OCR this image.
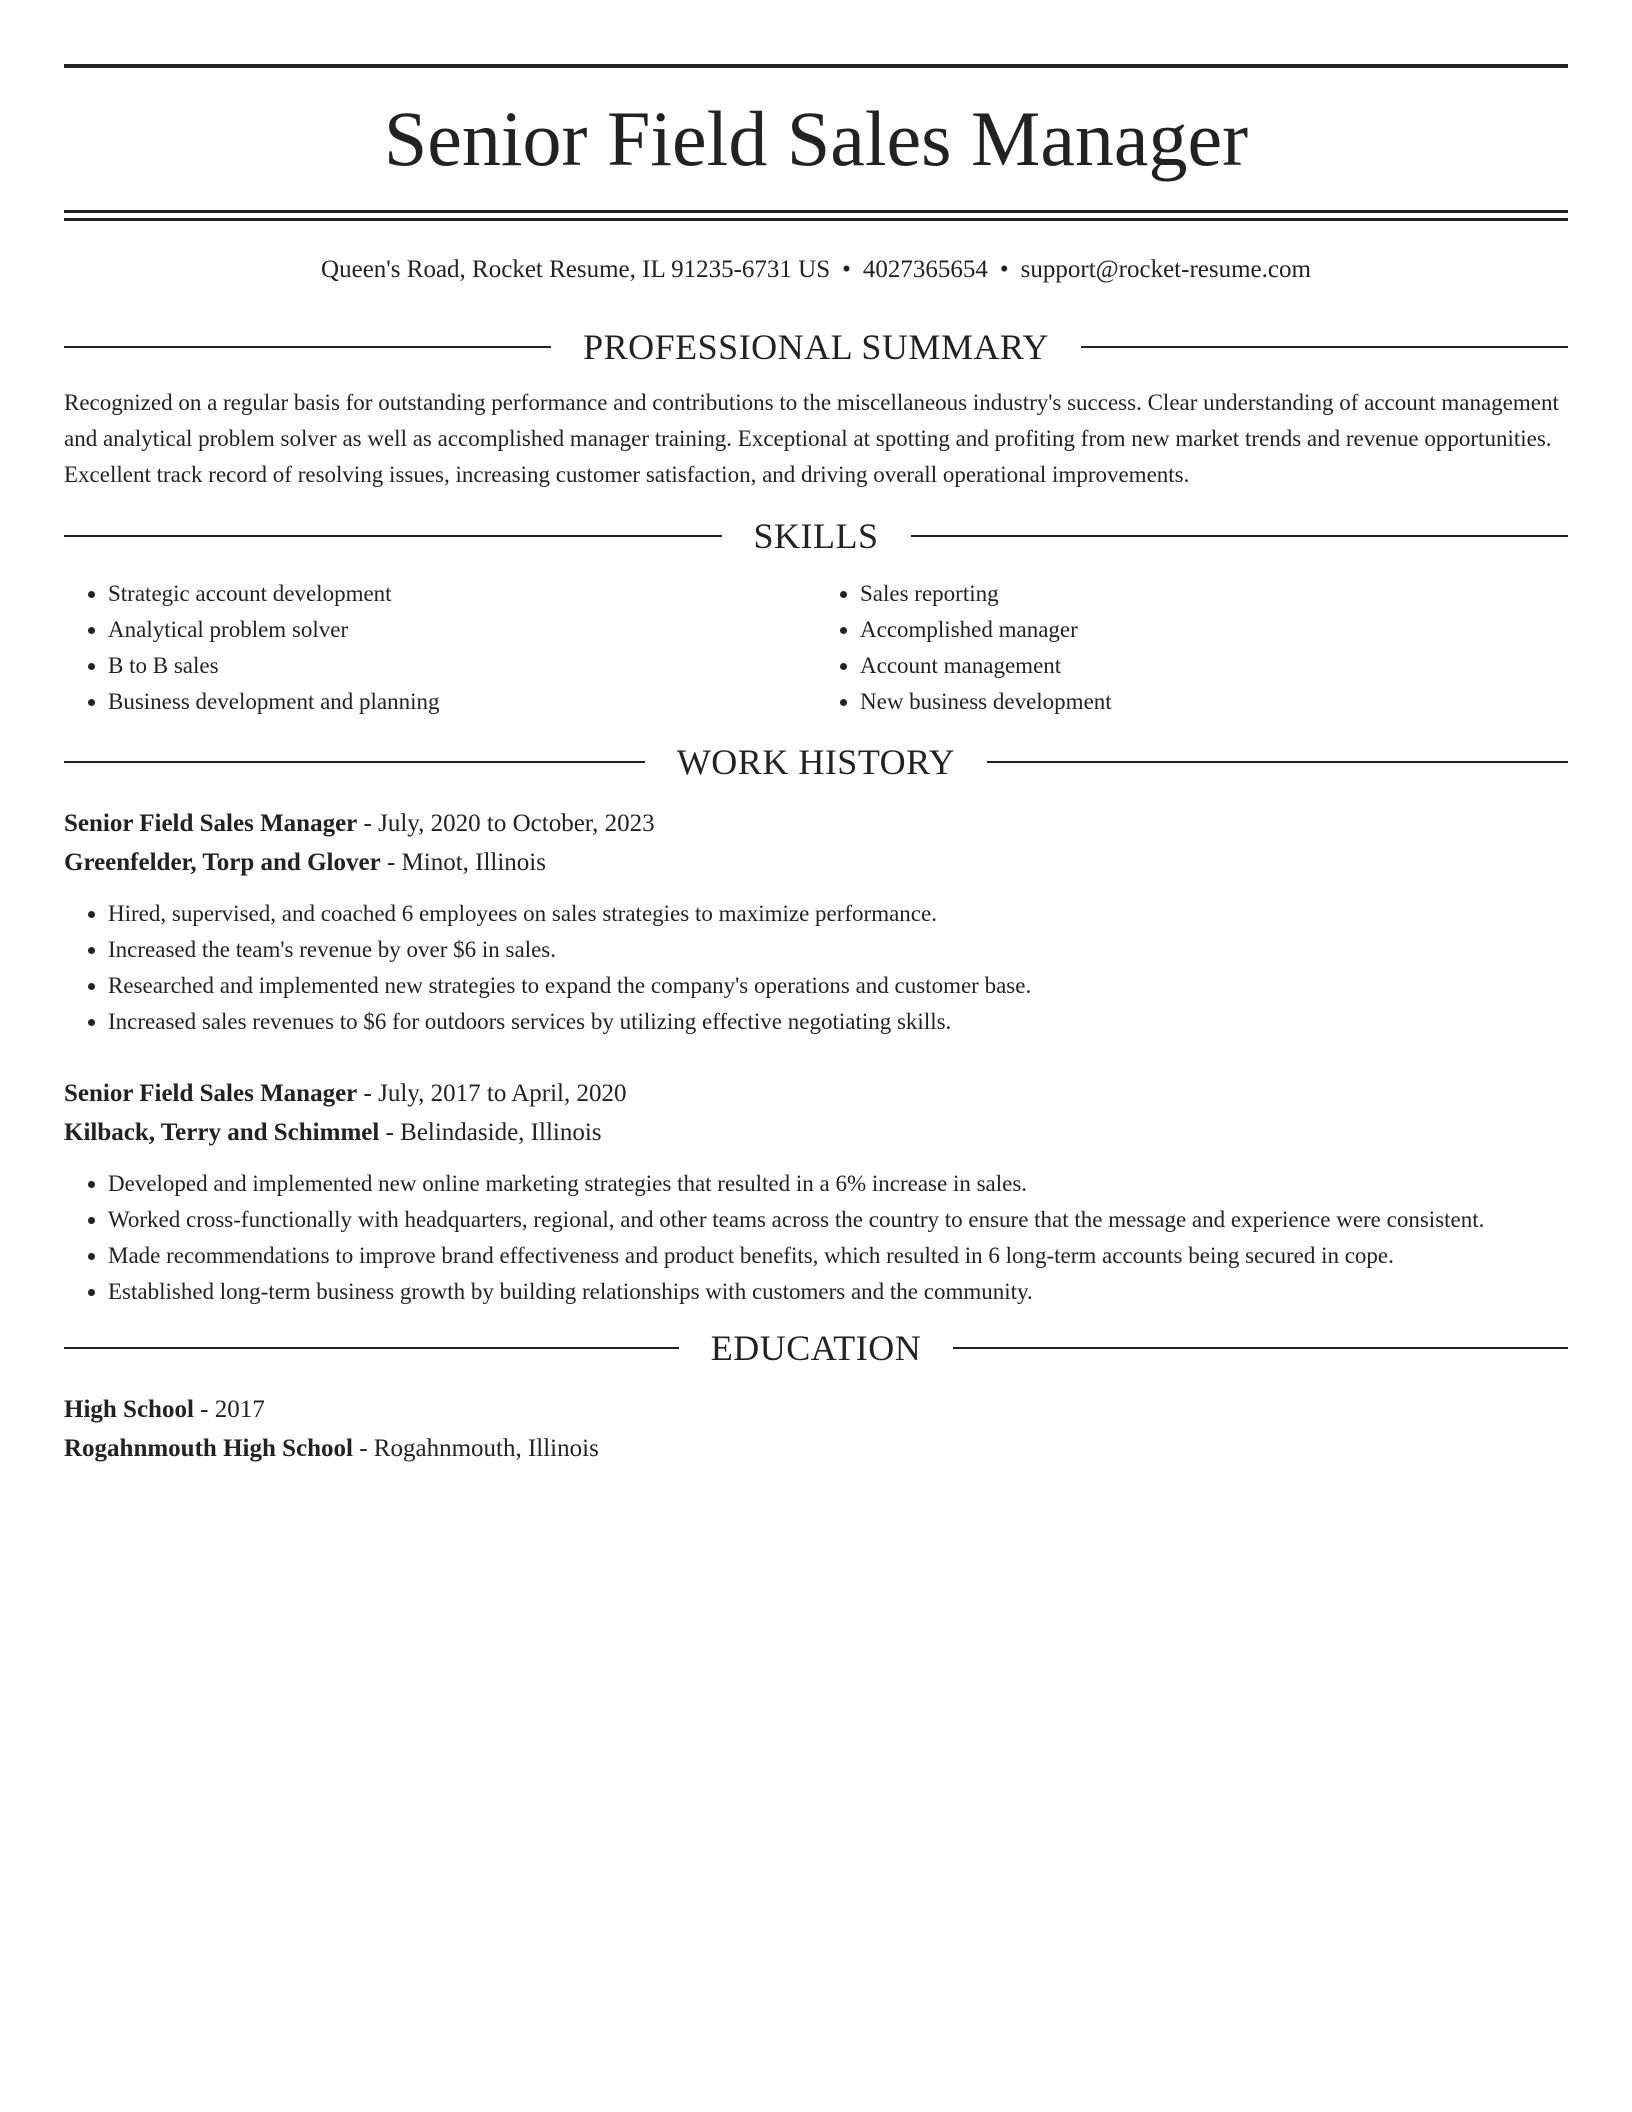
Senior Field Sales Manager
Queen's Road, Rocket Resume, IL 91235-6731 US • 4027365654 • support@rocket-resume.com
PROFESSIONAL SUMMARY

Recognized on a regular basis for outstanding performance and contributions to the miscellaneous industry's success. Clear understanding of account management and analytical problem solver as well as accomplished manager training. Exceptional at spotting and profiting from new market trends and revenue opportunities. Excellent track record of resolving issues, increasing customer satisfaction, and driving overall operational improvements.

SKILLS
• Strategic account development
• Analytical problem solver
• B to B sales
• Business development and planning
• Sales reporting
• Accomplished manager
• Account management
• New business development
WORK HISTORY
Senior Field Sales Manager - July, 2020 to October, 2023
Greenfelder, Torp and Glover - Minot, Illinois
• Hired, supervised, and coached 6 employees on sales strategies to maximize performance.
• Increased the team's revenue by over $6 in sales.
• Researched and implemented new strategies to expand the company's operations and customer base.
• Increased sales revenues to $6 for outdoors services by utilizing effective negotiating skills.
Senior Field Sales Manager - July, 2017 to April, 2020
Kilback, Terry and Schimmel - Belindaside, Illinois
• Developed and implemented new online marketing strategies that resulted in a 6% increase in sales.
• Worked cross-functionally with headquarters, regional, and other teams across the country to ensure that the message and experience were consistent.
• Made recommendations to improve brand effectiveness and product benefits, which resulted in 6 long-term accounts being secured in cope.
• Established long-term business growth by building relationships with customers and the community.
EDUCATION
High School - 2017
Rogahnmouth High School - Rogahnmouth, Illinois
